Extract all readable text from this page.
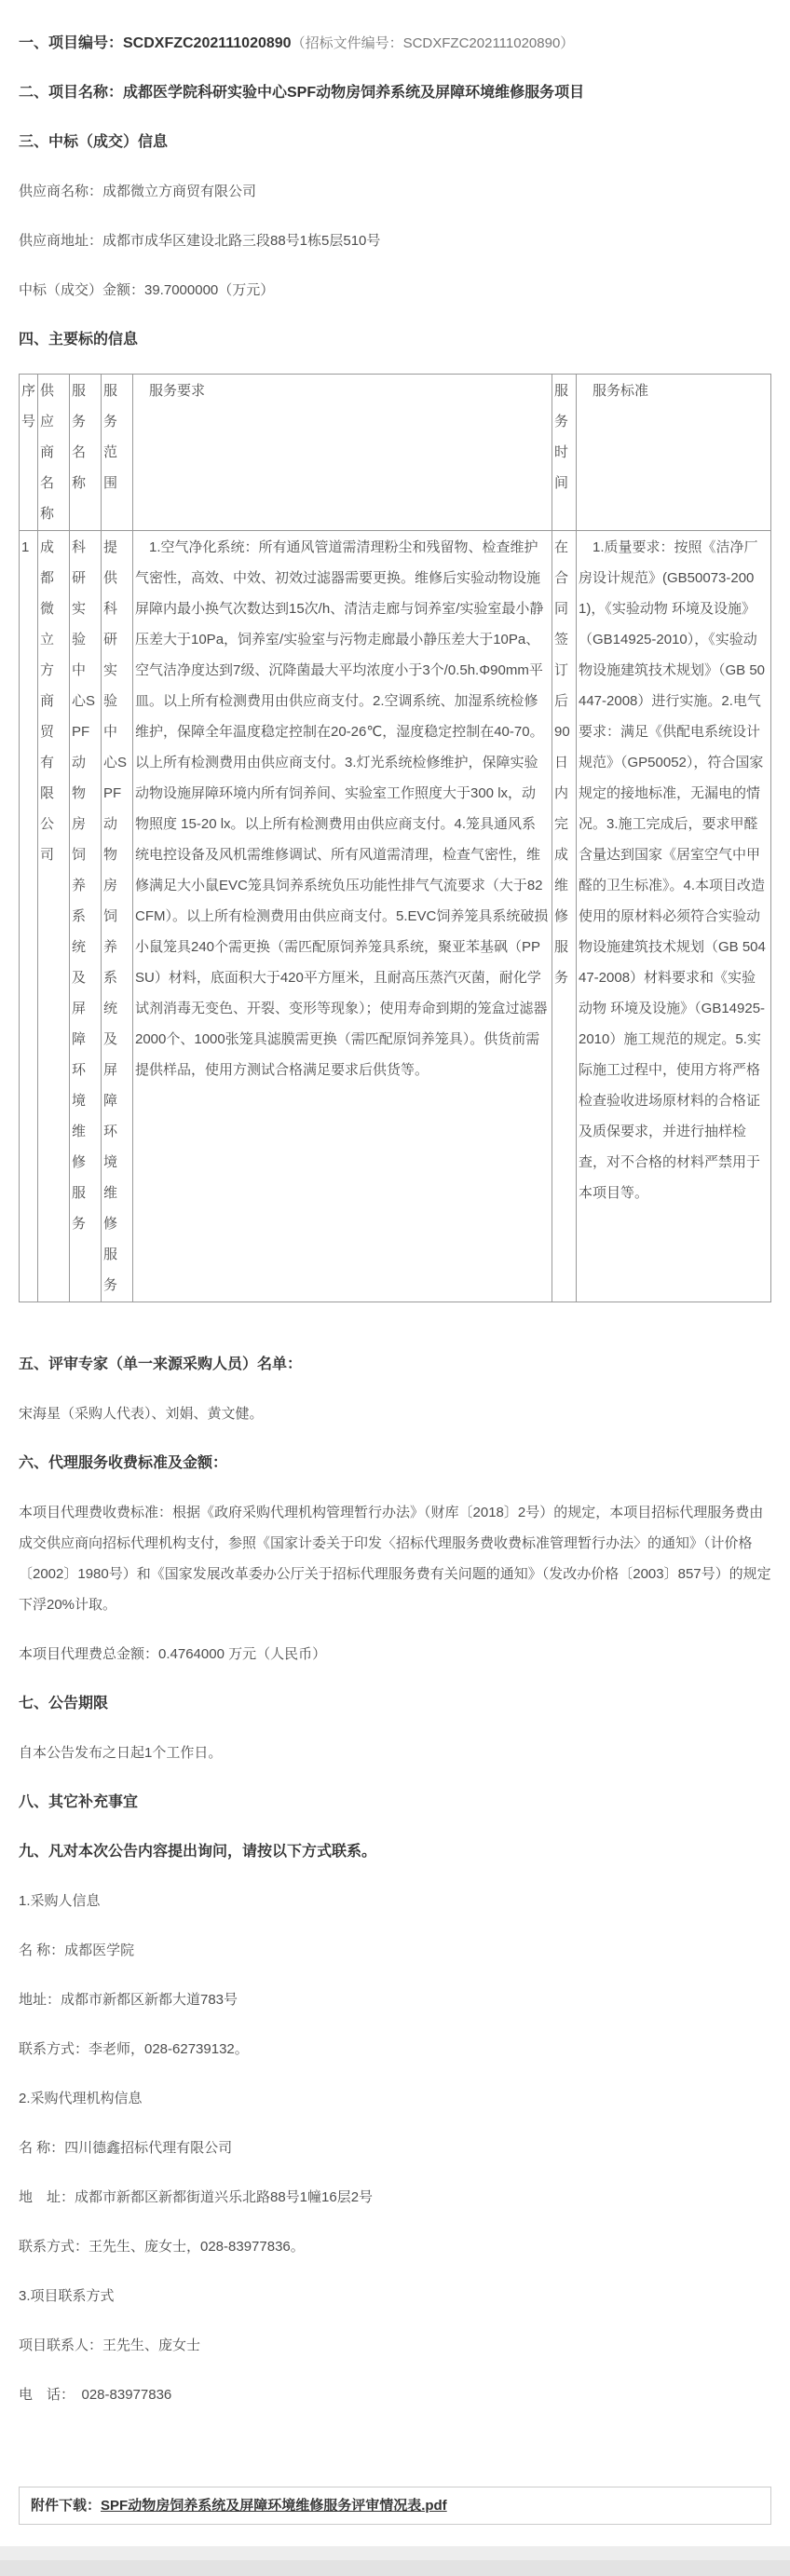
一、项目编号：SCDXFZC202111020890（招标文件编号：SCDXFZC202111020890）

二、项目名称：成都医学院科研实验中心SPF动物房饲养系统及屏障环境维修服务项目

三、中标（成交）信息

供应商名称：成都微立方商贸有限公司

供应商地址：成都市成华区建设北路三段88号1栋5层510号

中标（成交）金额：39.7000000（万元）

四、主要标的信息

序号	供应商名称	服务名称	服务范围	服务要求	服务时间	服务标准
1	成都微立方商贸有限公司	科研实验中心SPF动物房饲养系统及屏障环境维修服务	提供科研实验中心SPF动物房饲养系统及屏障环境维修服务	1.空气净化系统：所有通风管道需清理粉尘和残留物、检查维护气密性，高效、中效、初效过滤器需要更换。维修后实验动物设施屏障内最小换气次数达到15次/h、清洁走廊与饲养室/实验室最小静压差大于10Pa，饲养室/实验室与污物走廊最小静压差大于10Pa、空气洁净度达到7级、沉降菌最大平均浓度小于3个/0.5h.Φ90mm平皿。以上所有检测费用由供应商支付。2.空调系统、加湿系统检修维护，保障全年温度稳定控制在20-26℃，湿度稳定控制在40-70。以上所有检测费用由供应商支付。3.灯光系统检修维护，保障实验动物设施屏障环境内所有饲养间、实验室工作照度大于300 lx，动物照度 15-20 lx。以上所有检测费用由供应商支付。4.笼具通风系统电控设备及风机需维修调试、所有风道需清理，检查气密性，维修满足大小鼠EVC笼具饲养系统负压功能性排气气流要求（大于82 CFM）。以上所有检测费用由供应商支付。5.EVC饲养笼具系统破损小鼠笼具240个需更换（需匹配原饲养笼具系统，聚亚苯基砜（PPSU）材料，底面积大于420平方厘米，且耐高压蒸汽灭菌，耐化学试剂消毒无变色、开裂、变形等现象）；使用寿命到期的笼盒过滤器2000个、1000张笼具滤膜需更换（需匹配原饲养笼具）。供货前需提供样品，使用方测试合格满足要求后供货等。	在合同签订后90日内完成维修服务	1.质量要求：按照《洁净厂房设计规范》(GB50073-2001)，《实验动物 环境及设施》（GB14925-2010），《实验动物设施建筑技术规划》（GB 50447-2008）进行实施。2.电气要求：满足《供配电系统设计规范》（GP50052），符合国家规定的接地标准，无漏电的情况。3.施工完成后，要求甲醛含量达到国家《居室空气中甲醛的卫生标准》。4.本项目改造使用的原材料必须符合实验动物设施建筑技术规划（GB 50447-2008）材料要求和《实验动物 环境及设施》（GB14925-2010）施工规范的规定。5.实际施工过程中，使用方将严格检查验收进场原材料的合格证及质保要求，并进行抽样检查，对不合格的材料严禁用于本项目等。

五、评审专家（单一来源采购人员）名单：

宋海星（采购人代表）、刘娟、黄文健。

六、代理服务收费标准及金额：

本项目代理费收费标准：根据《政府采购代理机构管理暂行办法》（财库〔2018〕2号）的规定，本项目招标代理服务费由成交供应商向招标代理机构支付，参照《国家计委关于印发〈招标代理服务费收费标准管理暂行办法〉的通知》（计价格〔2002〕1980号）和《国家发展改革委办公厅关于招标代理服务费有关问题的通知》（发改办价格〔2003〕857号）的规定下浮20%计取。

本项目代理费总金额：0.4764000 万元（人民币）

七、公告期限

自本公告发布之日起1个工作日。

八、其它补充事宜

九、凡对本次公告内容提出询问，请按以下方式联系。

1.采购人信息

名 称：成都医学院

地址：成都市新都区新都大道783号

联系方式：李老师，028-62739132。

2.采购代理机构信息

名 称：四川德鑫招标代理有限公司

地　址：成都市新都区新都街道兴乐北路88号1幢16层2号

联系方式：王先生、庞女士，028-83977836。

3.项目联系方式

项目联系人：王先生、庞女士

电　话：　028-83977836

附件下载：SPF动物房饲养系统及屏障环境维修服务评审情况表.pdf
